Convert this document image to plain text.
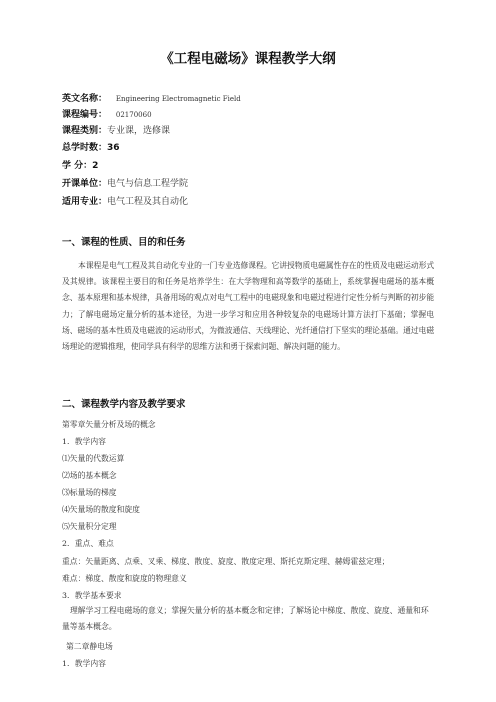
《工程电磁场》课程教学大纲
英文名称： Engineering Electromagnetic Field
课程编号： 02170060
课程类别：专业课，选修课
总学时数：36
学 分：2
开课单位：电气与信息工程学院
适用专业：电气工程及其自动化
一、课程的性质、目的和任务
本课程是电气工程及其自动化专业的一门专业选修课程。它讲授物质电磁属性存在的性质及电磁运动形式及其规律。该课程主要目的和任务是培养学生：在大学物理和高等数学的基础上，系统掌握电磁场的基本概念、基本原理和基本规律，具备用场的观点对电气工程中的电磁现象和电磁过程进行定性分析与判断的初步能力；了解电磁场定量分析的基本途径，为进一步学习和应用各种较复杂的电磁场计算方法打下基础；掌握电场、磁场的基本性质及电磁波的运动形式，为微波通信、天线理论、光纤通信打下坚实的理论基础。通过电磁场理论的逻辑推理，使同学具有科学的思维方法和勇于探索问题、解决问题的能力。
二、课程教学内容及教学要求
第零章矢量分析及场的概念
1．教学内容
⑴矢量的代数运算
⑵场的基本概念
⑶标量场的梯度
⑷矢量场的散度和旋度
⑸矢量积分定理
2．重点、难点
重点：矢量距离、点乘、叉乘、梯度、散度、旋度、散度定理、斯托克斯定理、赫姆霍兹定理；
难点：梯度、散度和旋度的物理意义
3．教学基本要求
理解学习工程电磁场的意义；掌握矢量分析的基本概念和定律；了解场论中梯度、散度、旋度、通量和环量等基本概念。
第二章静电场
1．教学内容
